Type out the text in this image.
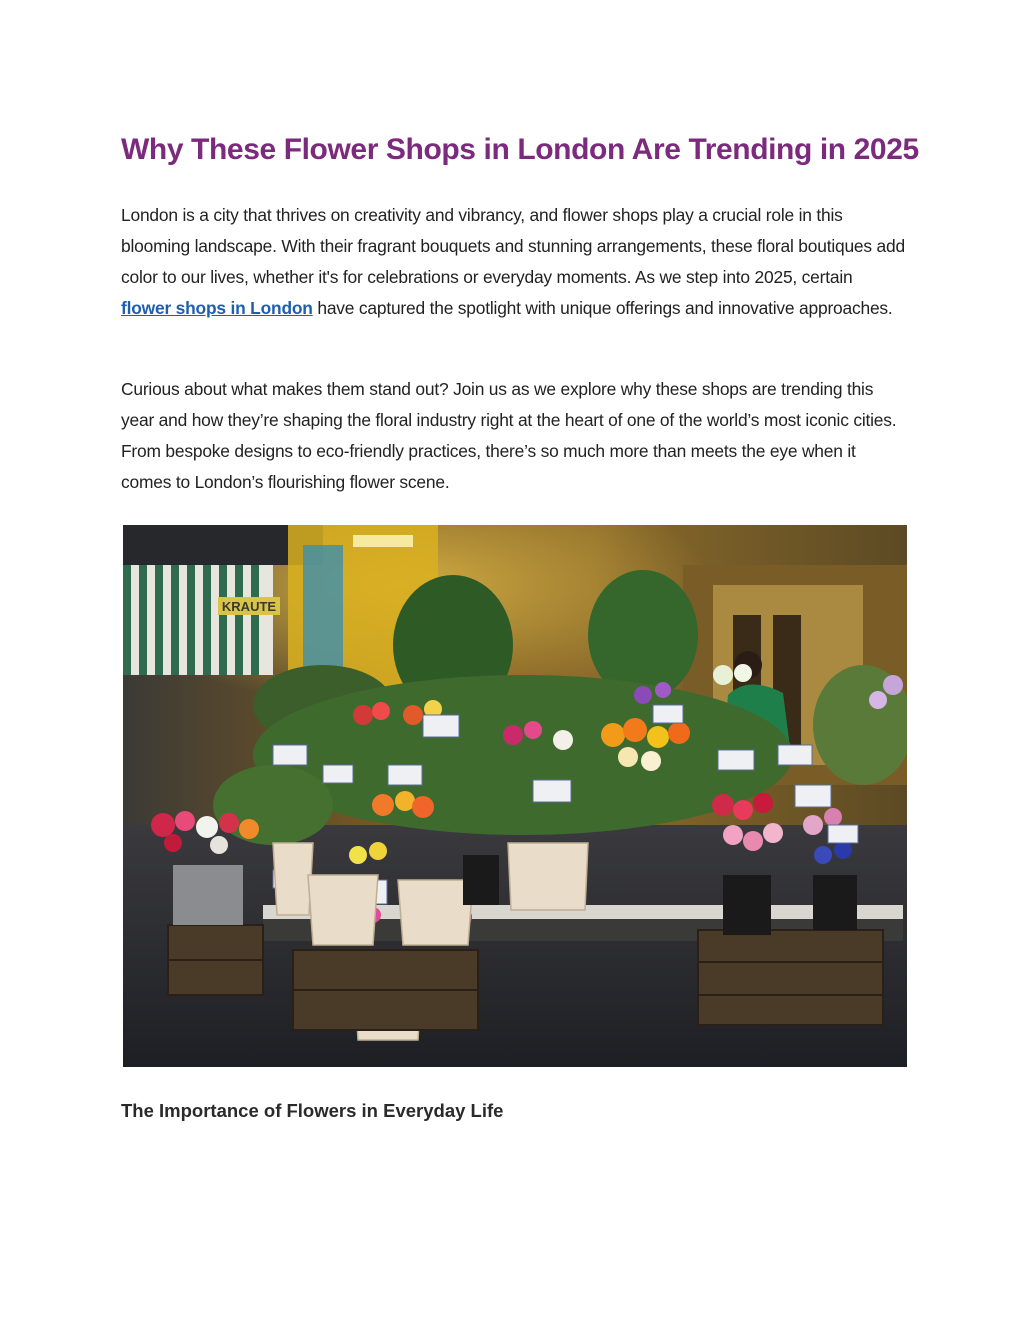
Why These Flower Shops in London Are Trending in 2025

London is a city that thrives on creativity and vibrancy, and flower shops play a crucial role in this blooming landscape. With their fragrant bouquets and stunning arrangements, these floral boutiques add color to our lives, whether it's for celebrations or everyday moments. As we step into 2025, certain flower shops in London have captured the spotlight with unique offerings and innovative approaches.

Curious about what makes them stand out? Join us as we explore why these shops are trending this year and how they’re shaping the floral industry right at the heart of one of the world’s most iconic cities. From bespoke designs to eco-friendly practices, there’s so much more than meets the eye when it comes to London’s flourishing flower scene.

KRAUTE
The Importance of Flowers in Everyday Life
